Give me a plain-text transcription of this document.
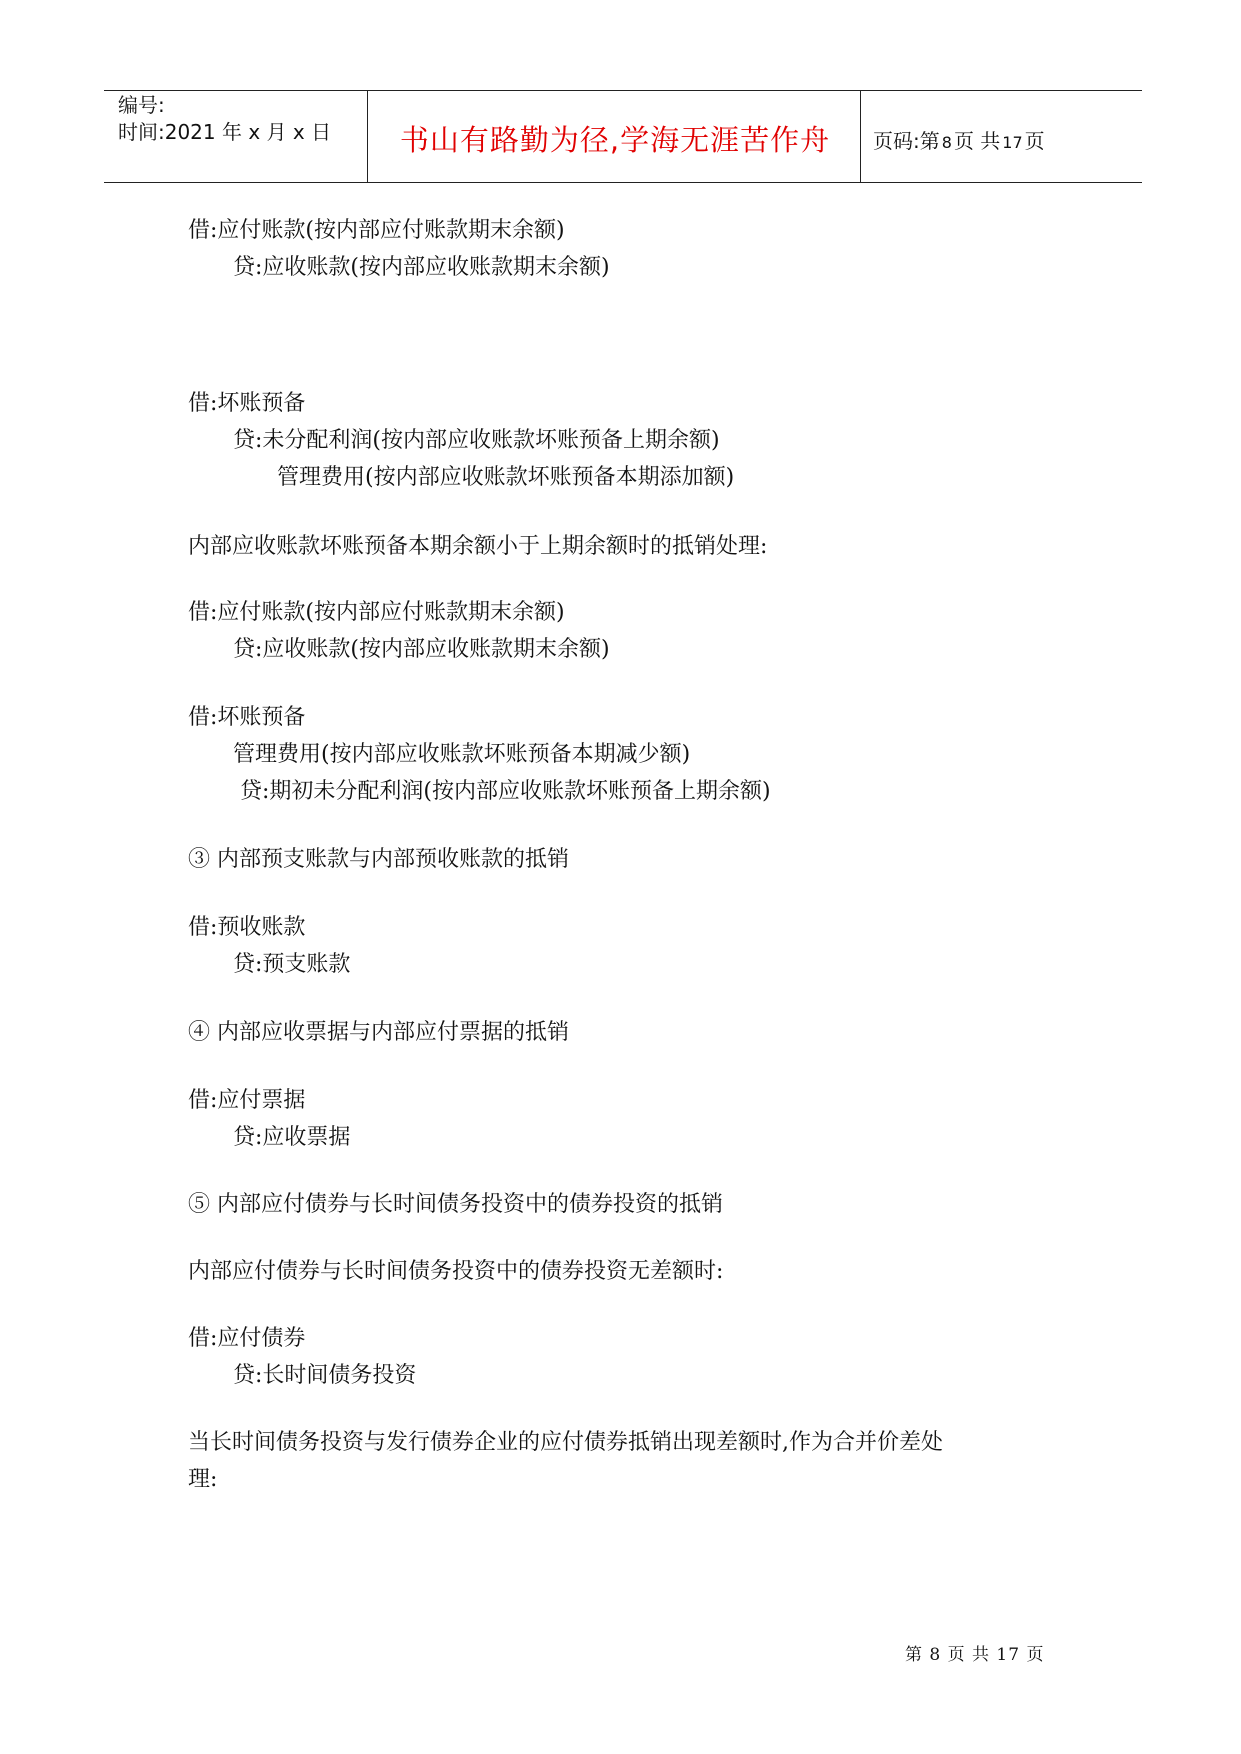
编号:
时间:2021 年 x 月 x 日	书山有路勤为径,学海无涯苦作舟	页码:第 8 页 共 17 页
借:应付账款(按内部应付账款期末余额)
贷:应收账款(按内部应收账款期末余额)
借:坏账预备
贷:未分配利润(按内部应收账款坏账预备上期余额)
管理费用(按内部应收账款坏账预备本期添加额)
内部应收账款坏账预备本期余额小于上期余额时的抵销处理:
借:应付账款(按内部应付账款期末余额)
贷:应收账款(按内部应收账款期末余额)
借:坏账预备
管理费用(按内部应收账款坏账预备本期减少额)
贷:期初未分配利润(按内部应收账款坏账预备上期余额)
③ 内部预支账款与内部预收账款的抵销
借:预收账款
贷:预支账款
④ 内部应收票据与内部应付票据的抵销
借:应付票据
贷:应收票据
⑤ 内部应付债券与长时间债务投资中的债券投资的抵销
内部应付债券与长时间债务投资中的债券投资无差额时:
借:应付债券
贷:长时间债务投资
当长时间债务投资与发行债券企业的应付债券抵销出现差额时,作为合并价差处
理:
第 8 页 共 17 页
